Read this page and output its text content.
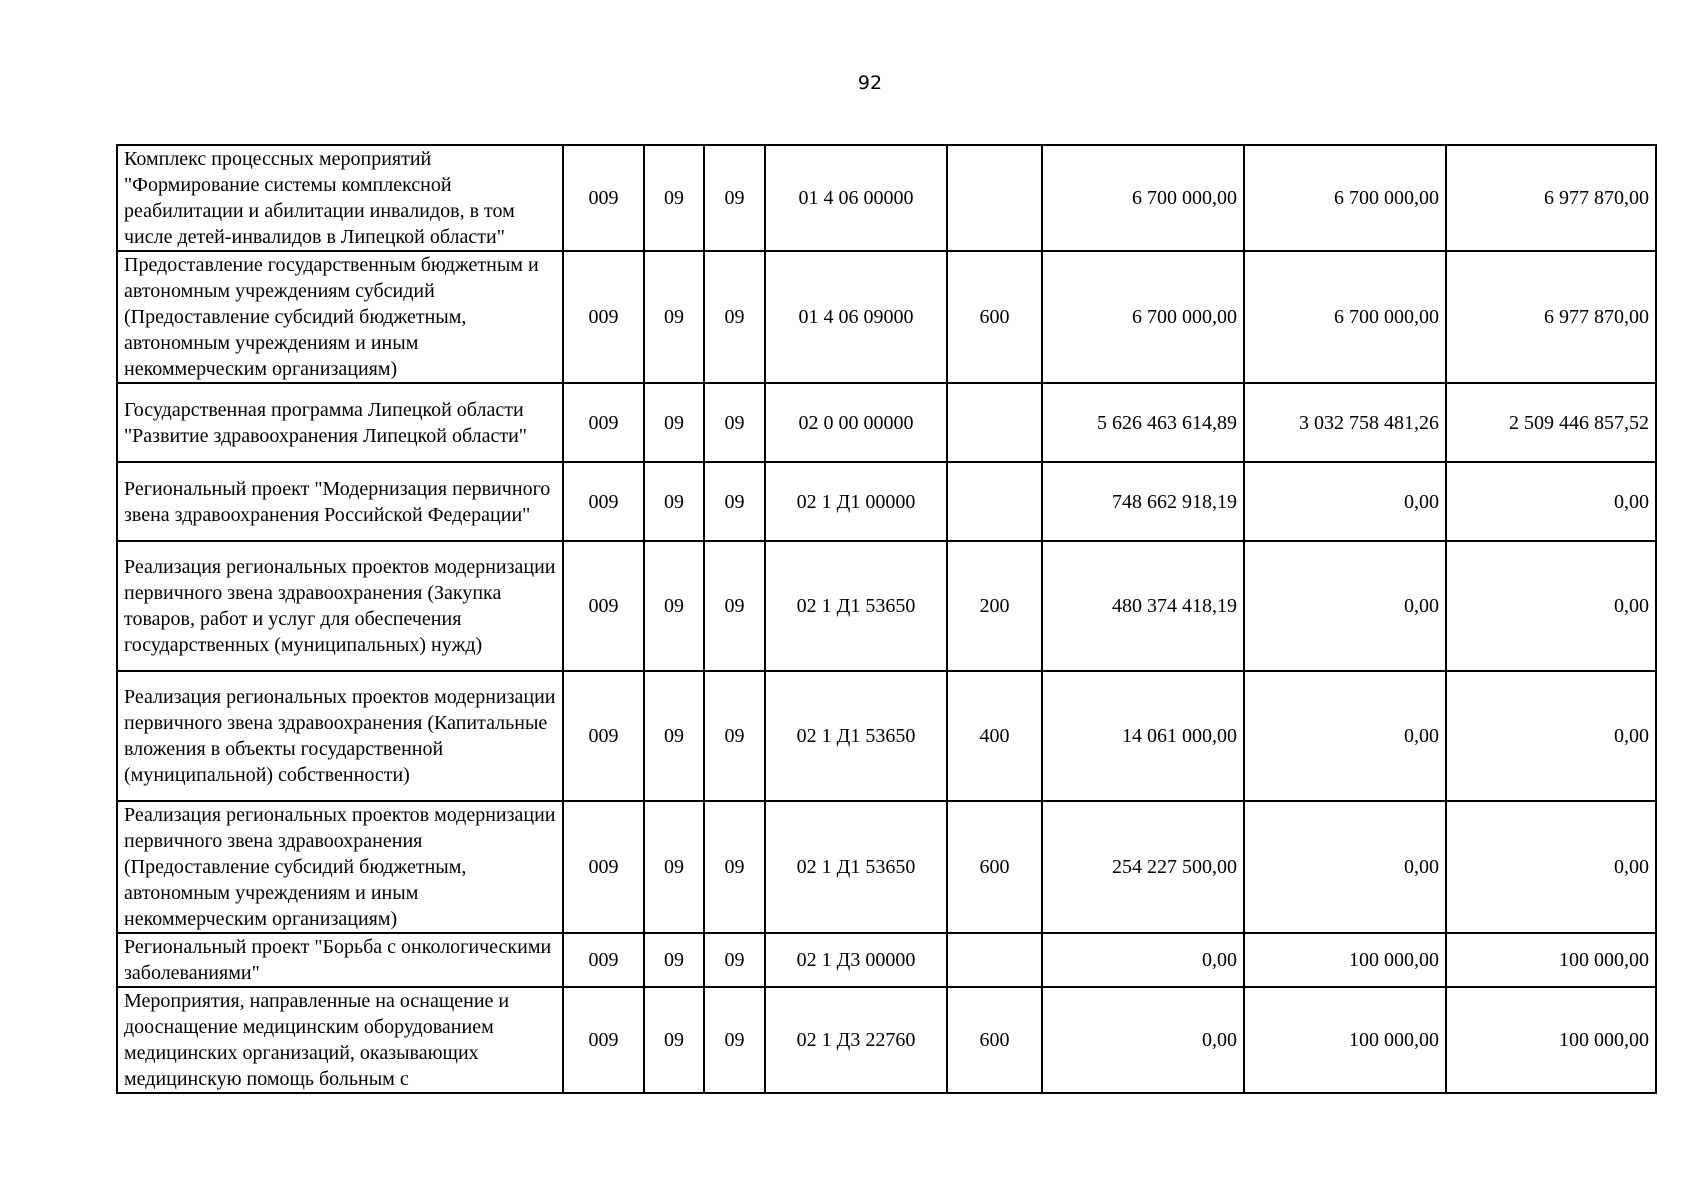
92
Комплекс процессных мероприятий "Формирование системы комплексной реабилитации и абилитации инвалидов, в том числе детей-инвалидов в Липецкой области"	009	09	09	01 4 06 00000		6 700 000,00	6 700 000,00	6 977 870,00
Предоставление государственным бюджетным и автономным учреждениям субсидий (Предоставление субсидий бюджетным, автономным учреждениям и иным некоммерческим организациям)	009	09	09	01 4 06 09000	600	6 700 000,00	6 700 000,00	6 977 870,00
Государственная программа Липецкой области "Развитие здравоохранения Липецкой области"	009	09	09	02 0 00 00000		5 626 463 614,89	3 032 758 481,26	2 509 446 857,52
Региональный проект "Модернизация первичного звена здравоохранения Российской Федерации"	009	09	09	02 1 Д1 00000		748 662 918,19	0,00	0,00
Реализация региональных проектов модернизации первичного звена здравоохранения (Закупка товаров, работ и услуг для обеспечения государственных (муниципальных) нужд)	009	09	09	02 1 Д1 53650	200	480 374 418,19	0,00	0,00
Реализация региональных проектов модернизации первичного звена здравоохранения (Капитальные вложения в объекты государственной (муниципальной) собственности)	009	09	09	02 1 Д1 53650	400	14 061 000,00	0,00	0,00
Реализация региональных проектов модернизации первичного звена здравоохранения (Предоставление субсидий бюджетным, автономным учреждениям и иным некоммерческим организациям)	009	09	09	02 1 Д1 53650	600	254 227 500,00	0,00	0,00
Региональный проект "Борьба с онкологическими заболеваниями"	009	09	09	02 1 Д3 00000		0,00	100 000,00	100 000,00
Мероприятия, направленные на оснащение и дооснащение медицинским оборудованием медицинских организаций, оказывающих медицинскую помощь больным с	009	09	09	02 1 Д3 22760	600	0,00	100 000,00	100 000,00
